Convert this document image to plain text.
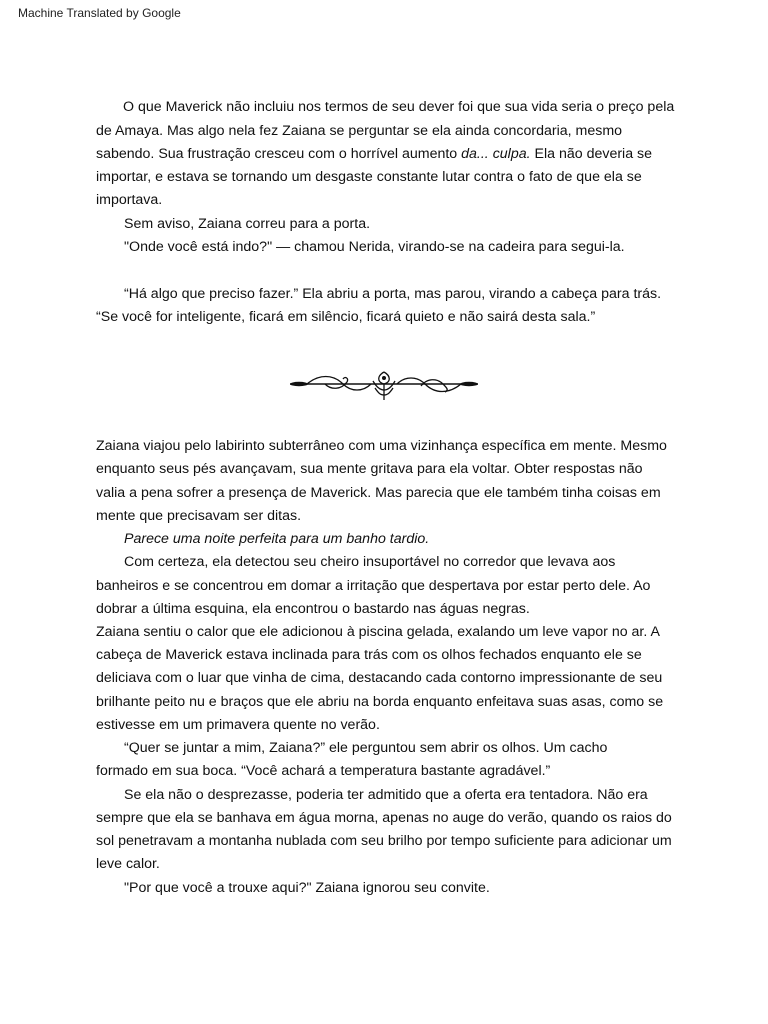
Machine Translated by Google
O que Maverick não incluiu nos termos de seu dever foi que sua vida seria o preço pela
de Amaya. Mas algo nela fez Zaiana se perguntar se ela ainda concordaria, mesmo
sabendo. Sua frustração cresceu com o horrível aumento da... culpa. Ela não deveria se
importar, e estava se tornando um desgaste constante lutar contra o fato de que ela se
importava.
Sem aviso, Zaiana correu para a porta.
"Onde você está indo?" — chamou Nerida, virando-se na cadeira para segui-la.
“Há algo que preciso fazer.” Ela abriu a porta, mas parou, virando a cabeça para trás.
“Se você for inteligente, ficará em silêncio, ficará quieto e não sairá desta sala.”
Zaiana viajou pelo labirinto subterrâneo com uma vizinhança específica em mente. Mesmo
enquanto seus pés avançavam, sua mente gritava para ela voltar. Obter respostas não
valia a pena sofrer a presença de Maverick. Mas parecia que ele também tinha coisas em
mente que precisavam ser ditas.
Parece uma noite perfeita para um banho tardio.
Com certeza, ela detectou seu cheiro insuportável no corredor que levava aos
banheiros e se concentrou em domar a irritação que despertava por estar perto dele. Ao
dobrar a última esquina, ela encontrou o bastardo nas águas negras.
Zaiana sentiu o calor que ele adicionou à piscina gelada, exalando um leve vapor no ar. A
cabeça de Maverick estava inclinada para trás com os olhos fechados enquanto ele se
deliciava com o luar que vinha de cima, destacando cada contorno impressionante de seu
brilhante peito nu e braços que ele abriu na borda enquanto enfeitava suas asas, como se
estivesse em um primavera quente no verão.
“Quer se juntar a mim, Zaiana?” ele perguntou sem abrir os olhos. Um cacho
formado em sua boca. “Você achará a temperatura bastante agradável.”
Se ela não o desprezasse, poderia ter admitido que a oferta era tentadora. Não era
sempre que ela se banhava em água morna, apenas no auge do verão, quando os raios do
sol penetravam a montanha nublada com seu brilho por tempo suficiente para adicionar um
leve calor.
"Por que você a trouxe aqui?" Zaiana ignorou seu convite.
